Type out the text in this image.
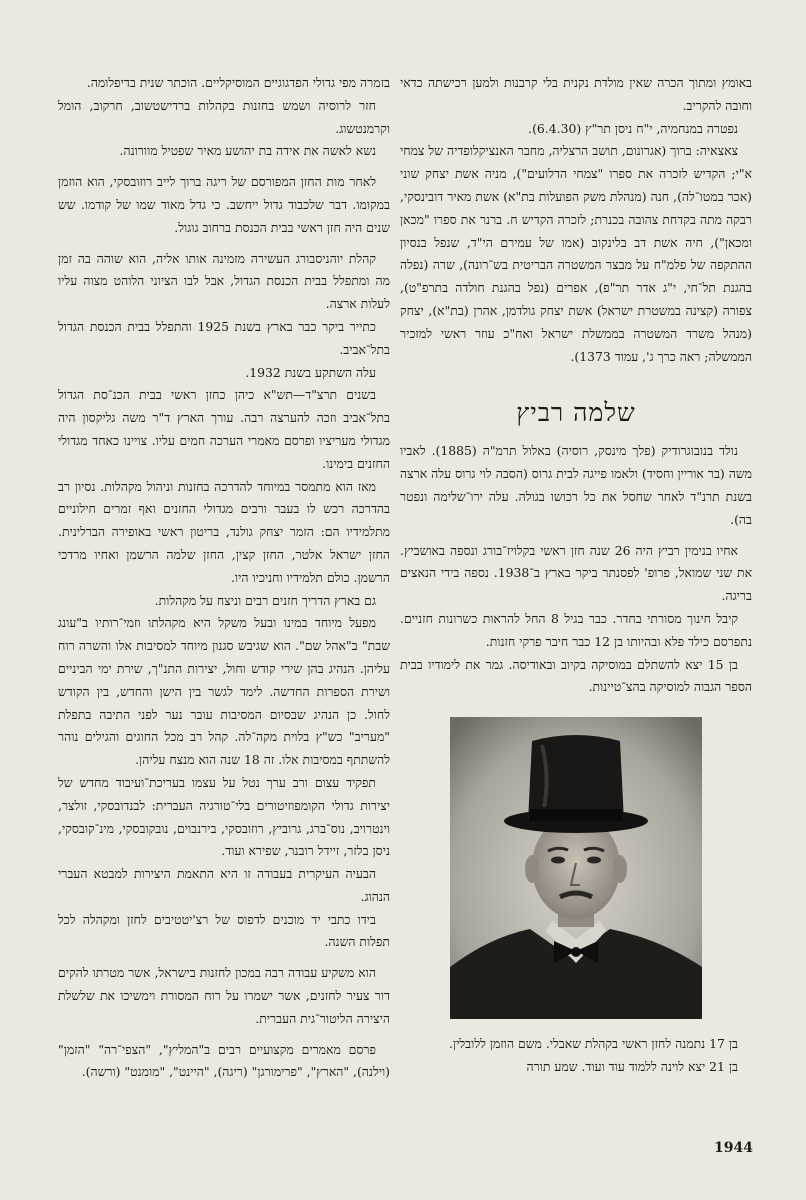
באומץ ומתוך הכרה שאין מולדת נקנית בלי קרבנות ולמען רכישתה כדאי וחובה להקריב.

נפטרה במנחמיה, י"ח ניסן תר"ץ (6.4.30).

צאצאיה: ברוך (אגרונום, תושב הרצליה, מחבר האנציקלופדיה של צמחי א"י; הקדיש לזכרה את ספרו "צמחי הדלועים"), מניה אשת יצחק שוני (אכר במטו־לה), חנה (מנהלת משק הפועלות בת"א) אשת מאיר דובינסקי, רבקה מתה בקדחת צהובה בכנרת; לזכרה הקדיש ח. ברנר את ספרו "מכאן ומכאן"), חיה אשת דב בלינקוב (אמו של עמירם הי"ד, שנפל בנסיון ההתקפה של פלמ"ח על מבצר המשטרה הבריטית בש־רונה), שרה (נפלה בהגנת תל־חי, י"ג אדר תר"פ), אפרים (נפל בהגנת חולדה בתרפ"ט), צפורה (קצינה במשטרת ישראל) אשת יצחק גולדמן, אהרן (בת"א), יצחק (מנהל משרד המשטרה בממשלת ישראל ואח"כ עוזר ראשי למזכיר הממשלה; ראה כרך ג', עמוד 1373).

שלמה רביץ

נולד בנובוגרודיק (פלך מינסק, רוסיה) באלול תרמ"ה (1885). לאביו משה (בר אוריין וחסיד) ולאמו פייגה לבית גרוס (הסבה לוי גרוס עלה ארצה בשנת תרנ"ד לאחר שחסל את כל רכושו בגולה. עלה ירו־שלימה ונפטר בה).

אחיו בנימין רביץ היה 26 שנה חזן ראשי בקלויז־בורג ונספה באושביץ. את שני שמואל, פרופ' לפסנתר ביקר בארץ ב־1938. נספה בידי הנאצים בריגה.

קיבל חינוך מסורתי בחדר. כבר בגיל 8 החל להראות כשרונות חזניים. נתפרסם כילד פלא ובהיותו בן 12 כבר חיבר פרקי חזנות.

בן 15 יצא להשתלם במוסיקה בקיוב ובאודיסה. גמר את לימודיו בבית הספר הגבוה למוסיקה בהצ־טיינות.

בן 17 נתמנה לחזן ראשי בקהלת שאבלי. משם הוזמן ללובלין.

בן 21 יצא לוינה ללמוד עוד ועוד. שמע תורה

בזמרה מפי גדולי הפדגוגיים המוסיקליים. הוכתר שנית בדיפלומה.

חזר לרוסיה ושמש בחזנות בקהלות ברדישטשוב, חרקוב, הומל וקרמנטשוג.

נשא לאשה את אידה בת יהושע מאיר שפטיל מוורונה.

לאחר מות החזן המפורסם של ריגה ברוך לייב רוזובסקי, הוא הוזמן במקומו. דבר שלכבוד גדול ייחשב. כי גדל מאוד שמו של קודמו. שש שנים היה חזן ראשי בבית הכנסת ברחוב גוגול.

קהלת יוהניסבורג העשירה מזמינה אותו אליה, הוא שוהה בה זמן מה ומתפלל בבית הכנסת הגדול, אבל לבו הציוני הלוהט מצוה עליו לעלות ארצה.

כתייר ביקר כבר בארץ בשנת 1925 והתפלל בבית הכנסת הגדול בתל־אביב.

עלה השתקע בשנת 1932.

בשנים תרצ"ד—תש"א כיהן כחזן ראשי בבית הכנ־סת הגדול בתל־אביב וזכה להערצה רבה. עורך הארץ ד"ר משה גליקסון היה מגדולי מעריציו ופרסם מאמרי הערכה חמים עליו. צויינו כאחד מגדולי החזנים בימינו.

מאז הוא מתמסר במיוחד להדרכה בחזנות וניהול מקהלות. נסיון רב בהדרכה רכש לו בעבר ורבים מגדולי החזנים ואף זמרים חילוניים מתלמידיו הם: הזמר יצחק גולנד, בריטון ראשי באופירה הברלינית. החזן ישראל אלטר, החזן קצין, החזן שלמה הרשמן ואחיו מרדכי הרשמן. כולם תלמידיו וחניכיו היו.

גם בארץ הדריך חזנים רבים וניצח על מקהלות.

מפעל מיוחד במינו ובעל משקל היא מקהלתו וזמי־רותיו ב"עונג שבת" ב"אהל שם". הוא שגיבש סגנון מיוחד למסיבות אלו והשרה רוח עליהן. הנהיג בהן שירי קודש וחול, יצירות התנ"ך, שירת ימי הביניים ושירת הספרות החדשה. לימד לגשר בין הישן והחדש, בין הקודש לחול. כן הנהיג שבסיום המסיבות עובר נער לפני התיבה בתפלת "מעריב" כש"ץ בלוית מקה־לה. קהל רב מכל החוגים והגילים נוהר להשתתף במסיבות אלו. זה 18 שנה הוא מנצח עליהן.

תפקיד עצום ורב ערך נטל על עצמו בעריכת־ועיבוד מחדש של יצירות גדולי הקומפוזיטורים בלי־טורגיה העברית: לבנדובסקי, זולצר, וינטרויב, נוס־ברג, גרוביץ, רוזובסקי, בירנבוים, נובקובסקי, מינ־קובסקי, ניסן בלזר, זיידל רובנר, שפירא ועוד.

הבעיה העיקרית בעבודה זו היא התאמת היצירות למבטא העברי הנהוג.

בידו כתבי יד מוכנים לדפוס של רצ'יטטיבים לחזן ומקהלה לכל תפלות השנה.

הוא משקיע עבודה רבה במכון לחזנות בישראל, אשר מטרתו להקים דור צעיר לחזנים, אשר ישמרו על רוח המסורת וימשיכו את שלשלת היצירה הליטור־גית העברית.

פרסם מאמרים מקצועיים רבים ב"המליץ", "הצפי־רה" "הזמן" (וילנה), "הארץ", "פרימורגן" (ריגה), "היינט", "מומנט" (ורשה).

1944
